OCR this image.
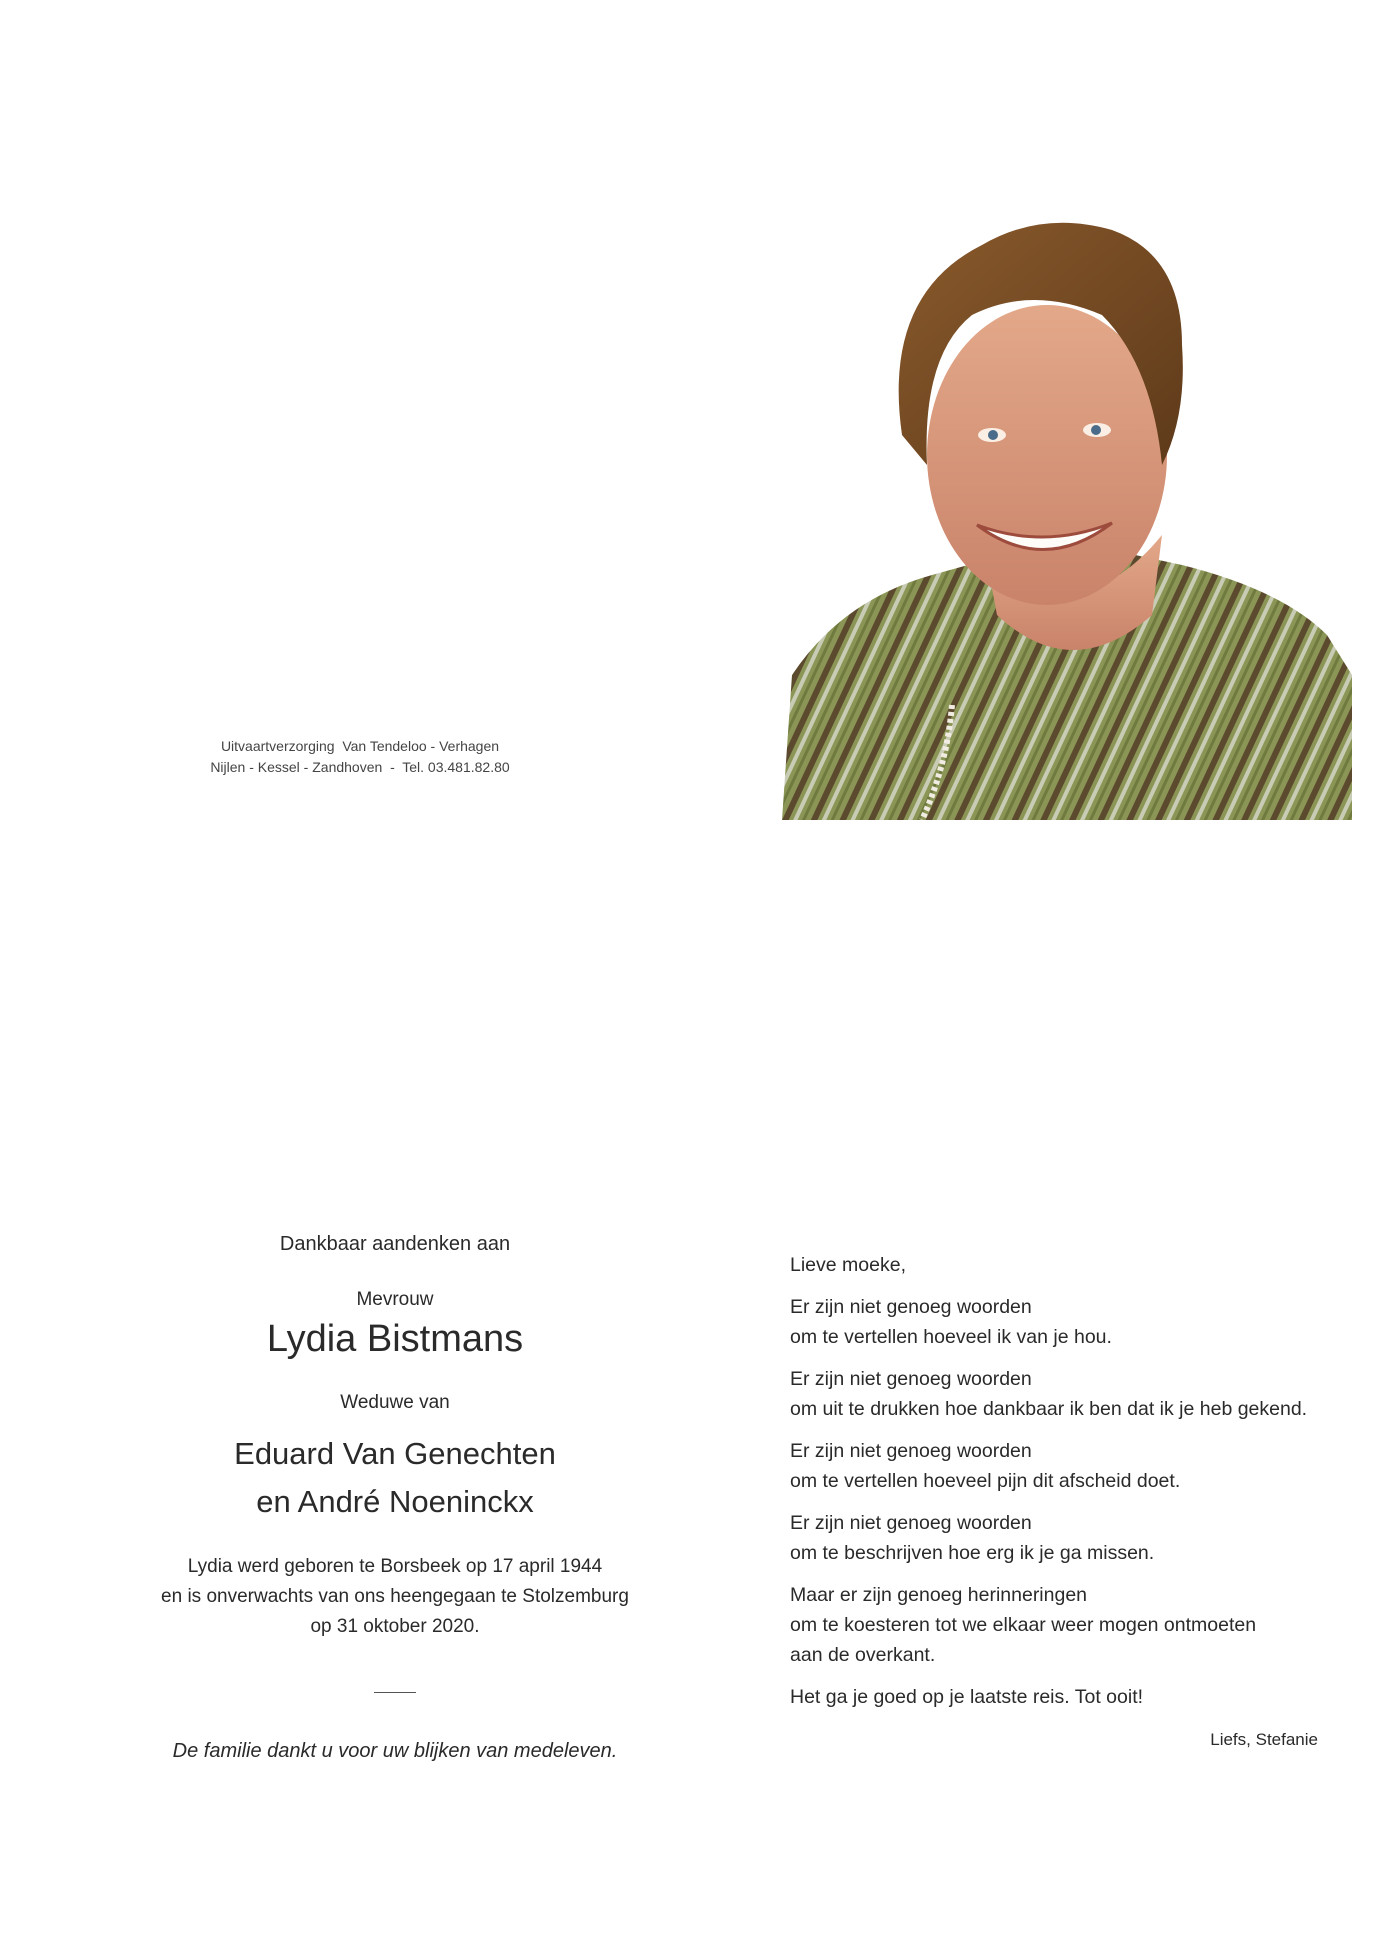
Uitvaartverzorging  Van Tendeloo - Verhagen
Nijlen - Kessel - Zandhoven  -  Tel. 03.481.82.80
Dankbaar aandenken aan
Mevrouw
Lydia Bistmans
Weduwe van
Eduard Van Genechten
en André Noeninckx
Lydia werd geboren te Borsbeek op 17 april 1944
en is onverwachts van ons heengegaan te Stolzemburg
op 31 oktober 2020.
De familie dankt u voor uw blijken van medeleven.
Lieve moeke,
Er zijn niet genoeg woorden
om te vertellen hoeveel ik van je hou.
Er zijn niet genoeg woorden
om uit te drukken hoe dankbaar ik ben dat ik je heb gekend.
Er zijn niet genoeg woorden
om te vertellen hoeveel pijn dit afscheid doet.
Er zijn niet genoeg woorden
om te beschrijven hoe erg ik je ga missen.
Maar er zijn genoeg herinneringen
om te koesteren tot we elkaar weer mogen ontmoeten
aan de overkant.
Het ga je goed op je laatste reis. Tot ooit!
Liefs, Stefanie
